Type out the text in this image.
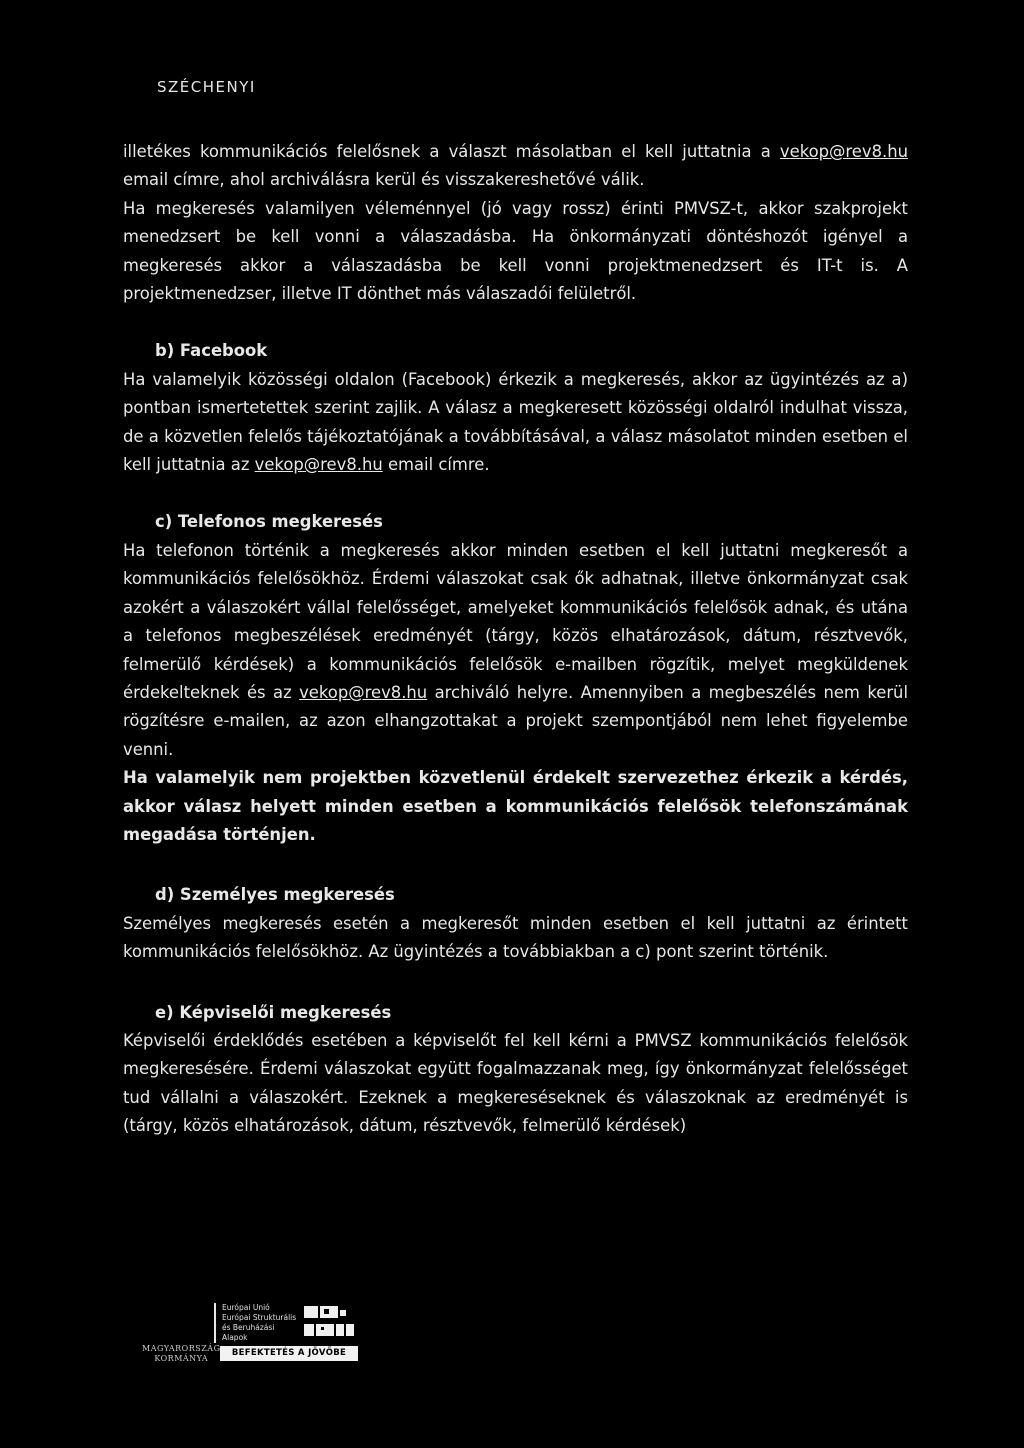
SZÉCHENYI

illetékes kommunikációs felelősnek a választ másolatban el kell juttatnia a vekop@rev8.hu email címre, ahol archiválásra kerül és visszakereshetővé válik.

Ha megkeresés valamilyen véleménnyel (jó vagy rossz) érinti PMVSZ-t, akkor szakprojekt menedzsert be kell vonni a válaszadásba. Ha önkormányzati döntéshozót igényel a megkeresés akkor a válaszadásba be kell vonni projektmenedzsert és IT-t is. A projektmenedzser, illetve IT dönthet más válaszadói felületről.

b) Facebook

Ha valamelyik közösségi oldalon (Facebook) érkezik a megkeresés, akkor az ügyintézés az a) pontban ismertetettek szerint zajlik. A válasz a megkeresett közösségi oldalról indulhat vissza, de a közvetlen felelős tájékoztatójának a továbbításával, a válasz másolatot minden esetben el kell juttatnia az vekop@rev8.hu email címre.

c) Telefonos megkeresés

Ha telefonon történik a megkeresés akkor minden esetben el kell juttatni megkeresőt a kommunikációs felelősökhöz. Érdemi válaszokat csak ők adhatnak, illetve önkormányzat csak azokért a válaszokért vállal felelősséget, amelyeket kommunikációs felelősök adnak, és utána a telefonos megbeszélések eredményét (tárgy, közös elhatározások, dátum, résztvevők, felmerülő kérdések) a kommunikációs felelősök e-mailben rögzítik, melyet megküldenek érdekelteknek és az vekop@rev8.hu archiváló helyre. Amennyiben a megbeszélés nem kerül rögzítésre e-mailen, az azon elhangzottakat a projekt szempontjából nem lehet figyelembe venni.

Ha valamelyik nem projektben közvetlenül érdekelt szervezethez érkezik a kérdés, akkor válasz helyett minden esetben a kommunikációs felelősök telefonszámának megadása történjen.

d) Személyes megkeresés

Személyes megkeresés esetén a megkeresőt minden esetben el kell juttatni az érintett kommunikációs felelősökhöz. Az ügyintézés a továbbiakban a c) pont szerint történik.

e) Képviselői megkeresés

Képviselői érdeklődés esetében a képviselőt fel kell kérni a PMVSZ kommunikációs felelősök megkeresésére. Érdemi válaszokat együtt fogalmazzanak meg, így önkormányzat felelősséget tud vállalni a válaszokért. Ezeknek a megkereséseknek és válaszoknak az eredményét is (tárgy, közös elhatározások, dátum, résztvevők, felmerülő kérdések)

MAGYARORSZÁG
KORMÁNYA
Európai Unió
Európai Strukturális
és Beruházási Alapok
BEFEKTETÉS A JÖVŐBE
